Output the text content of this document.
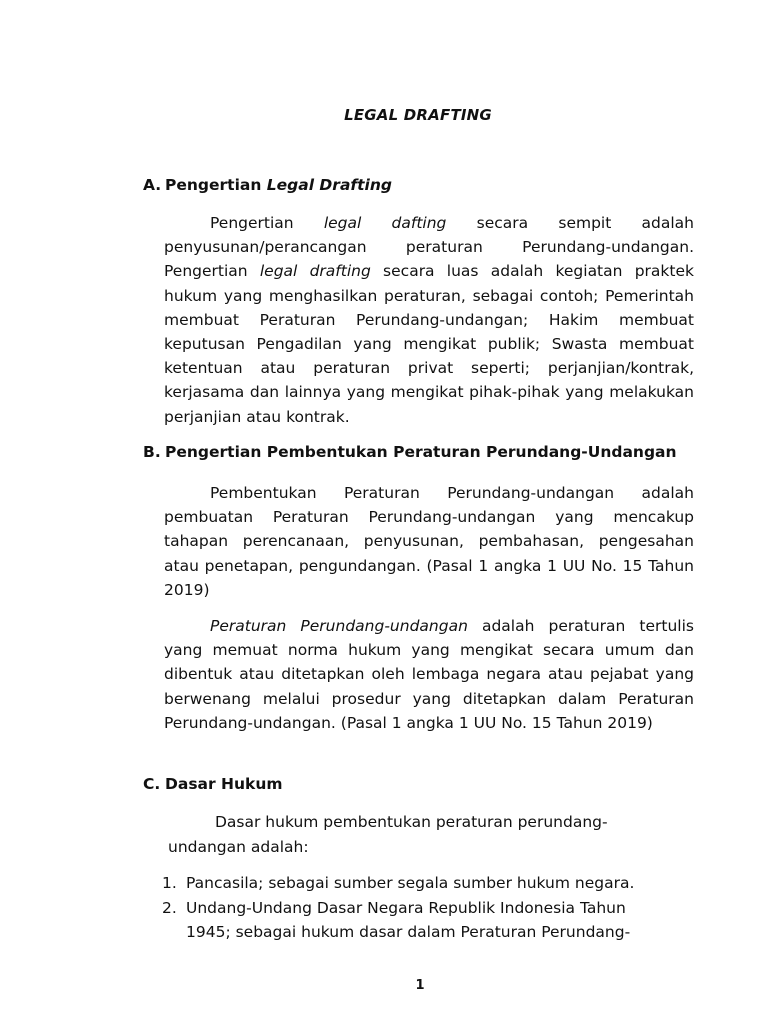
LEGAL DRAFTING
A. Pengertian Legal Drafting
Pengertian legal dafting secara sempit adalah penyusunan/perancangan peraturan Perundang-undangan. Pengertian legal drafting secara luas adalah kegiatan praktek hukum yang menghasilkan peraturan, sebagai contoh; Pemerintah membuat Peraturan Perundang-undangan; Hakim membuat keputusan Pengadilan yang mengikat publik; Swasta membuat ketentuan atau peraturan privat seperti; perjanjian/kontrak, kerjasama dan lainnya yang mengikat pihak-pihak yang melakukan perjanjian atau kontrak.
B. Pengertian Pembentukan Peraturan Perundang-Undangan
Pembentukan Peraturan Perundang-undangan adalah pembuatan Peraturan Perundang-undangan yang mencakup tahapan perencanaan, penyusunan, pembahasan, pengesahan atau penetapan, pengundangan. (Pasal 1 angka 1 UU No. 15 Tahun 2019)
Peraturan Perundang-undangan adalah peraturan tertulis yang memuat norma hukum yang mengikat secara umum dan dibentuk atau ditetapkan oleh lembaga negara atau pejabat yang berwenang melalui prosedur yang ditetapkan dalam Peraturan Perundang-undangan. (Pasal 1 angka 1 UU No. 15 Tahun 2019)
C. Dasar Hukum
Dasar hukum pembentukan peraturan perundang-
undangan adalah:
1. Pancasila; sebagai sumber segala sumber hukum negara.
2. Undang-Undang Dasar Negara Republik Indonesia Tahun
1945; sebagai hukum dasar dalam Peraturan Perundang-
1
